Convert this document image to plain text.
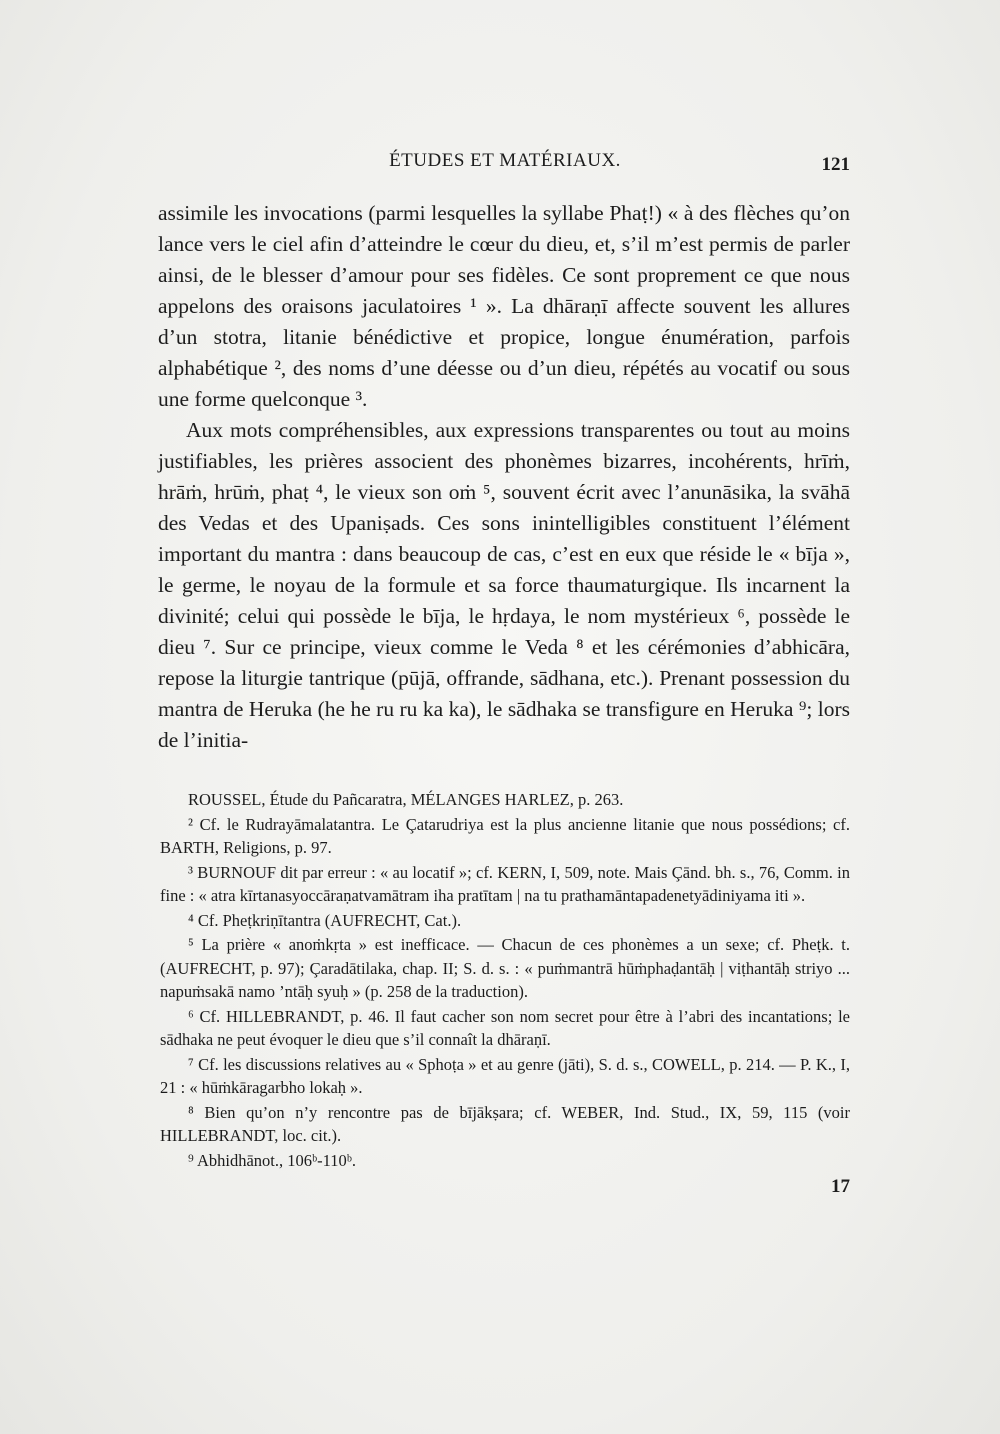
ÉTUDES ET MATÉRIAUX.	121

assimile les invocations (parmi lesquelles la syllabe Phaṭ!) « à des flèches qu’on lance vers le ciel afin d’atteindre le cœur du dieu, et, s’il m’est permis de parler ainsi, de le blesser d’amour pour ses fidèles. Ce sont proprement ce que nous appelons des oraisons jaculatoires ¹ ». La dhāraṇī affecte souvent les allures d’un stotra, litanie bénédictive et propice, longue énumération, parfois alphabétique ², des noms d’une déesse ou d’un dieu, répétés au vocatif ou sous une forme quelconque ³.

Aux mots compréhensibles, aux expressions transparentes ou tout au moins justifiables, les prières associent des phonèmes bizarres, incohérents, hrīṁ, hrāṁ, hrūṁ, phaṭ ⁴, le vieux son oṁ ⁵, souvent écrit avec l’anunāsika, la svāhā des Vedas et des Upaniṣads. Ces sons inintelligibles constituent l’élément important du mantra : dans beaucoup de cas, c’est en eux que réside le « bīja », le germe, le noyau de la formule et sa force thaumaturgique. Ils incarnent la divinité; celui qui possède le bīja, le hṛdaya, le nom mystérieux ⁶, possède le dieu ⁷. Sur ce principe, vieux comme le Veda ⁸ et les cérémonies d’abhicāra, repose la liturgie tantrique (pūjā, offrande, sādhana, etc.). Prenant possession du mantra de Heruka (he he ru ru ka ka), le sādhaka se transfigure en Heruka ⁹; lors de l’initia-

ROUSSEL, Étude du Pañcaratra, MÉLANGES HARLEZ, p. 263.

² Cf. le Rudrayāmalatantra. Le Çatarudriya est la plus ancienne litanie que nous possédions; cf. BARTH, Religions, p. 97.

³ BURNOUF dit par erreur : « au locatif »; cf. KERN, I, 509, note. Mais Çānd. bh. s., 76, Comm. in fine : « atra kīrtanasyoccāraṇatvamātram iha pratītam | na tu prathamāntapadenetyādiniyama iti ».

⁴ Cf. Pheṭkriṇītantra (AUFRECHT, Cat.).

⁵ La prière « anoṁkṛta » est inefficace. — Chacun de ces phonèmes a un sexe; cf. Pheṭk. t. (AUFRECHT, p. 97); Çaradātilaka, chap. II; S. d. s. : « puṁmantrā hūṁphaḍantāḥ | viṭhantāḥ striyo ... napuṁsakā namo ’ntāḥ syuḥ » (p. 258 de la traduction).

⁶ Cf. HILLEBRANDT, p. 46. Il faut cacher son nom secret pour être à l’abri des incantations; le sādhaka ne peut évoquer le dieu que s’il connaît la dhāraṇī.

⁷ Cf. les discussions relatives au « Sphoṭa » et au genre (jāti), S. d. s., COWELL, p. 214. — P. K., I, 21 : « hūṁkāragarbho lokaḥ ».

⁸ Bien qu’on n’y rencontre pas de bījākṣara; cf. WEBER, Ind. Stud., IX, 59, 115 (voir HILLEBRANDT, loc. cit.).

⁹ Abhidhānot., 106ᵇ-110ᵇ.

17
